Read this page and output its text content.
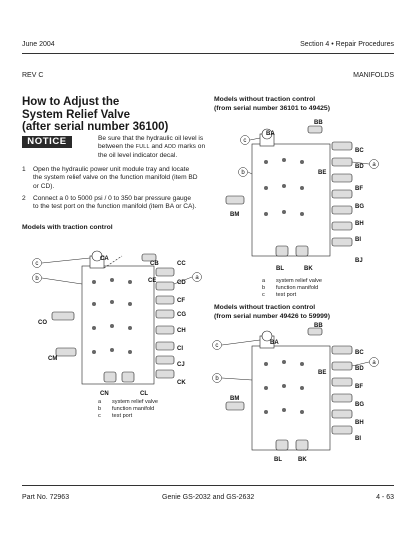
June 2004	Section 4 • Repair Procedures
REV C	MANIFOLDS
How to Adjust the
System Relief Valve
(after serial number 36100)
NOTICE	Be sure that the hydraulic oil level is between the FULL and ADD marks on the oil level indicator decal.
1 Open the hydraulic power unit module tray and locate the system relief valve on the function manifold (item BD or CD).
2 Connect a 0 to 5000 psi / 0 to 350 bar pressure gauge to the test port on the function manifold (item BA or CA).
Models with traction control
c
b	a
CB
CA
CC
CE	CD
CF
CG
CO
CH
CM
CI
CJ
CK
CN	CL
a system relief valve
b function manifold
c test port
Models without traction control
(from serial number 36101 to 49425)
c
b
a
BB
BA
BC
BD
BE
BF
BG
BM
BH
BI
BJ
BL	BK
a system relief valve
b function manifold
c test port
Models without traction control
(from serial number 49426 to 59999)
c
b
a
BB
BA
BC
BD
BE
BF
BM
BG
BH
BI
BL	BK
Part No. 72963	Genie GS-2032 and GS-2632	4 - 63
